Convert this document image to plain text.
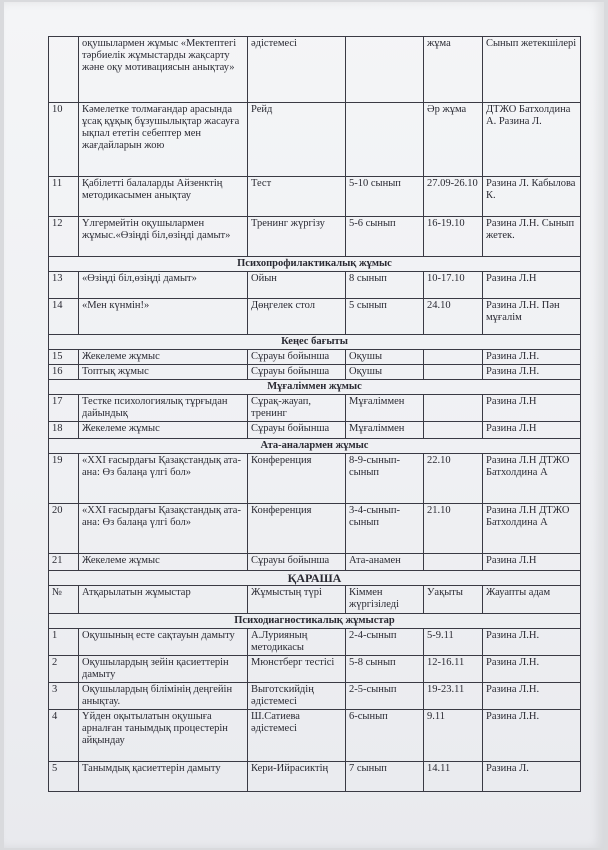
	оқушылармен жұмыс «Мектептегі тәрбиелік жұмыстарды жақсарту және оқу мотивациясын анықтау»	әдістемесі		жұма	Сынып жетекшілері
10	Кәмелетке толмағандар арасында ұсақ құқық бұзушылықтар жасауға ықпал ететін себептер мен жағдайларын жою	Рейд		Әр жұма	ДТЖО Батхолдина А. Разина Л.
11	Қабілетті балаларды Айзенктің методикасымен анықтау	Тест	5-10 сынып	27.09-26.10	Разина Л. Кабылова К.
12	Үлгермейтін оқушылармен жұмыс.«Өзіңді біл,өзіңді дамыт»	Тренинг жүргізу	5-6 сынып	16-19.10	Разина Л.Н. Сынып жетек.
Психопрофилактикалық жұмыс					
13	«Өзіңді біл,өзіңді дамыт»	Ойын	8 сынып	10-17.10	Разина Л.Н
14	«Мен күнмін!»	Дөңгелек стол	5 сынып	24.10	Разина Л.Н. Пән мұғалім
Кеңес бағыты					
15	Жекелеме жұмыс	Сұрауы бойынша	Оқушы		Разина Л.Н.
16	Топтық жұмыс	Сұрауы бойынша	Оқушы		Разина Л.Н.
Мұғаліммен жұмыс					
17	Тестке психологиялық тұрғыдан дайындық	Сұрақ-жауап, тренинг	Мұғаліммен		Разина Л.Н
18	Жекелеме жұмыс	Сұрауы бойынша	Мұғаліммен		Разина Л.Н
Ата-аналармен жұмыс					
19	«XXI ғасырдағы Қазақстандық ата-ана: Өз балаңа үлгі бол»	Конференция	8-9-сынып-сынып	22.10	Разина Л.Н ДТЖО Батхолдина А
20	«XXI ғасырдағы Қазақстандық ата-ана: Өз балаңа үлгі бол»	Конференция	3-4-сынып-сынып	21.10	Разина Л.Н ДТЖО Батхолдина А
21	Жекелеме жұмыс	Сұрауы бойынша	Ата-анамен		Разина Л.Н
ҚАРАША					
№	Атқарылатын жұмыстар	Жұмыстың түрі	Кіммен жүргізіледі	Уақыты	Жауапты адам
Психодиагностикалық жұмыстар					
1	Оқушының есте сақтауын дамыту	А.Лурияның методикасы	2-4-сынып	5-9.11	Разина Л.Н.
2	Оқушылардың зейін қасиеттерін дамыту	Мюнстберг тестісі	5-8 сынып	12-16.11	Разина Л.Н.
3	Оқушылардың білімінің деңгейін анықтау.	Выготскийдің әдістемесі	2-5-сынып	19-23.11	Разина Л.Н.
4	Үйден оқытылатын оқушыға арналған танымдық процестерін айқындау	Ш.Сатиева әдістемесі	6-сынып	9.11	Разина Л.Н.
5	Танымдық қасиеттерін дамыту	Кери-Ийрасиктің	7 сынып	14.11	Разина Л.
